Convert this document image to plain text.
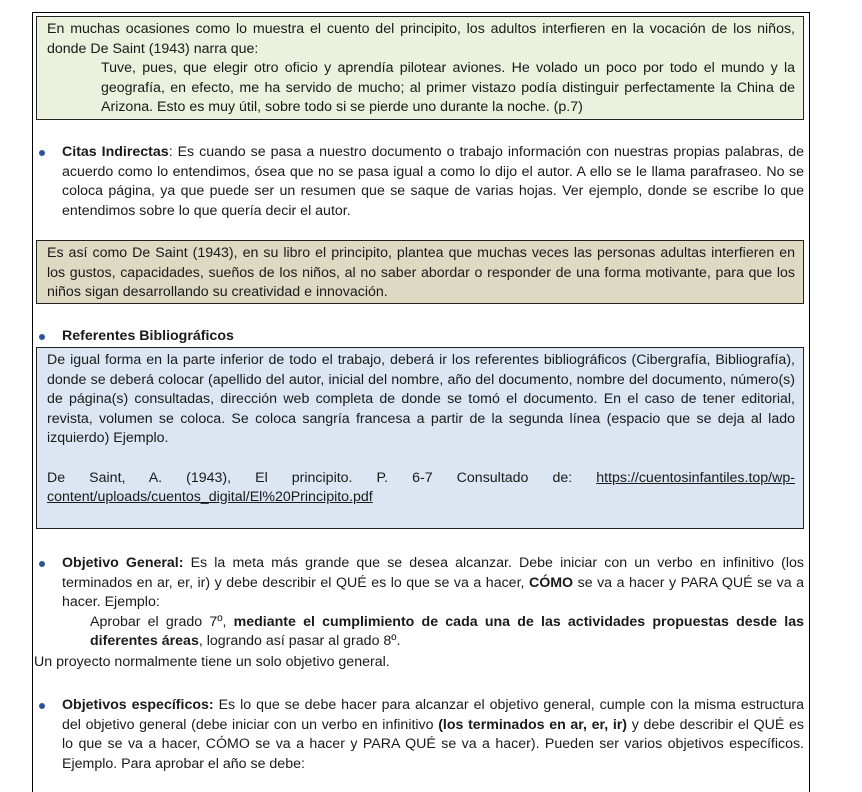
En muchas ocasiones como lo muestra el cuento del principito, los adultos interfieren en la vocación de los niños, donde De Saint (1943) narra que:
Tuve, pues, que elegir otro oficio y aprendía pilotear aviones. He volado un poco por todo el mundo y la geografía, en efecto, me ha servido de mucho; al primer vistazo podía distinguir perfectamente la China de Arizona. Esto es muy útil, sobre todo si se pierde uno durante la noche. (p.7)
Citas Indirectas: Es cuando se pasa a nuestro documento o trabajo información con nuestras propias palabras, de acuerdo como lo entendimos, ósea que no se pasa igual a como lo dijo el autor. A ello se le llama parafraseo. No se coloca página, ya que puede ser un resumen que se saque de varias hojas. Ver ejemplo, donde se escribe lo que entendimos sobre lo que quería decir el autor.
Es así como De Saint (1943), en su libro el principito, plantea que muchas veces las personas adultas interfieren en los gustos, capacidades, sueños de los niños, al no saber abordar o responder de una forma motivante, para que los niños sigan desarrollando su creatividad e innovación.
Referentes Bibliográficos
De igual forma en la parte inferior de todo el trabajo, deberá ir los referentes bibliográficos (Cibergrafía, Bibliografía), donde se deberá colocar (apellido del autor, inicial del nombre, año del documento, nombre del documento, número(s) de página(s) consultadas, dirección web completa de donde se tomó el documento. En el caso de tener editorial, revista, volumen se coloca. Se coloca sangría francesa a partir de la segunda línea (espacio que se deja al lado izquierdo) Ejemplo.
De Saint, A. (1943), El principito. P. 6-7 Consultado de: https://cuentosinfantiles.top/wp-content/uploads/cuentos_digital/El%20Principito.pdf
Objetivo General: Es la meta más grande que se desea alcanzar. Debe iniciar con un verbo en infinitivo (los terminados en ar, er, ir) y debe describir el QUÉ es lo que se va a hacer, CÓMO se va a hacer y PARA QUÉ se va a hacer. Ejemplo:
Aprobar el grado 7º, mediante el cumplimiento de cada una de las actividades propuestas desde las diferentes áreas, logrando así pasar al grado 8º.
Un proyecto normalmente tiene un solo objetivo general.
Objetivos específicos: Es lo que se debe hacer para alcanzar el objetivo general, cumple con la misma estructura del objetivo general (debe iniciar con un verbo en infinitivo (los terminados en ar, er, ir) y debe describir el QUÉ es lo que se va a hacer, CÓMO se va a hacer y PARA QUÉ se va a hacer). Pueden ser varios objetivos específicos. Ejemplo. Para aprobar el año se debe:
